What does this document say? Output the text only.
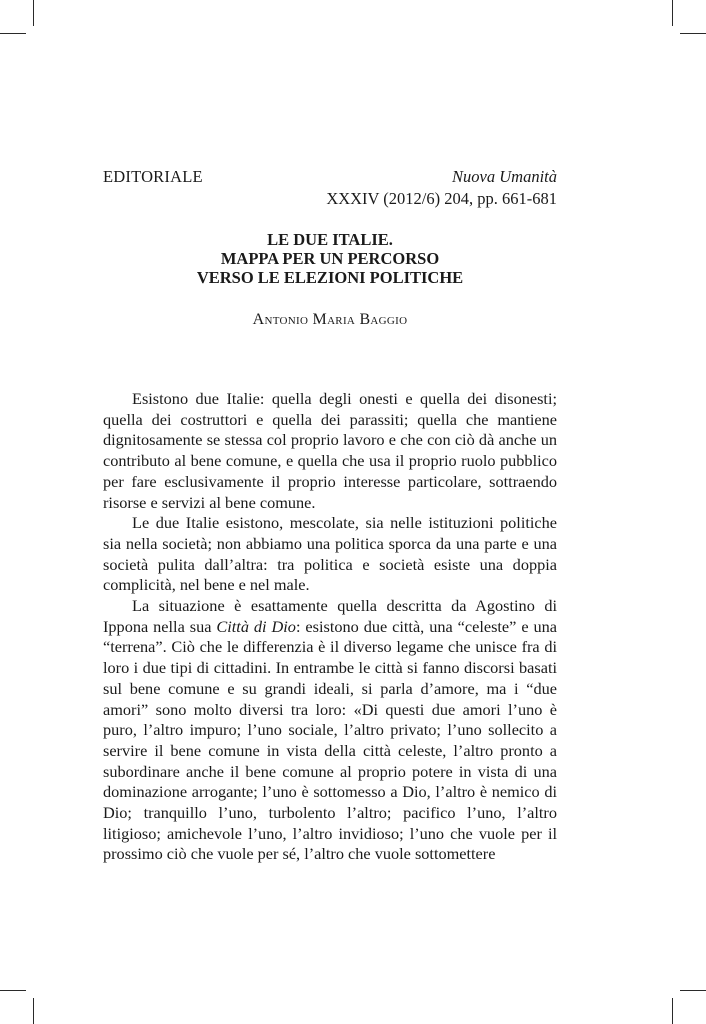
EDITORIALE	Nuova Umanità
XXXIV (2012/6) 204, pp. 661-681
LE DUE ITALIE.
MAPPA PER UN PERCORSO
VERSO LE ELEZIONI POLITICHE
Antonio Maria Baggio

Esistono due Italie: quella degli onesti e quella dei disonesti; quella dei costruttori e quella dei parassiti; quella che mantiene dignitosamente se stessa col proprio lavoro e che con ciò dà anche un contributo al bene comune, e quella che usa il proprio ruolo pubblico per fare esclusivamente il proprio interesse particolare, sottraendo risorse e servizi al bene comune.

Le due Italie esistono, mescolate, sia nelle istituzioni politiche sia nella società; non abbiamo una politica sporca da una parte e una società pulita dall’altra: tra politica e società esiste una doppia complicità, nel bene e nel male.

La situazione è esattamente quella descritta da Agostino di Ippona nella sua Città di Dio: esistono due città, una “celeste” e una “terrena”. Ciò che le differenzia è il diverso legame che unisce fra di loro i due tipi di cittadini. In entrambe le città si fanno discorsi basati sul bene comune e su grandi ideali, si parla d’amore, ma i “due amori” sono molto diversi tra loro: «Di questi due amori l’uno è puro, l’altro impuro; l’uno sociale, l’altro privato; l’uno sollecito a servire il bene comune in vista della città celeste, l’altro pronto a subordinare anche il bene comune al proprio potere in vista di una dominazione arrogante; l’uno è sottomesso a Dio, l’altro è nemico di Dio; tranquillo l’uno, turbolento l’altro; pacifico l’uno, l’altro litigioso; amichevole l’uno, l’altro invidioso; l’uno che vuole per il prossimo ciò che vuole per sé, l’altro che vuole sottomettere
